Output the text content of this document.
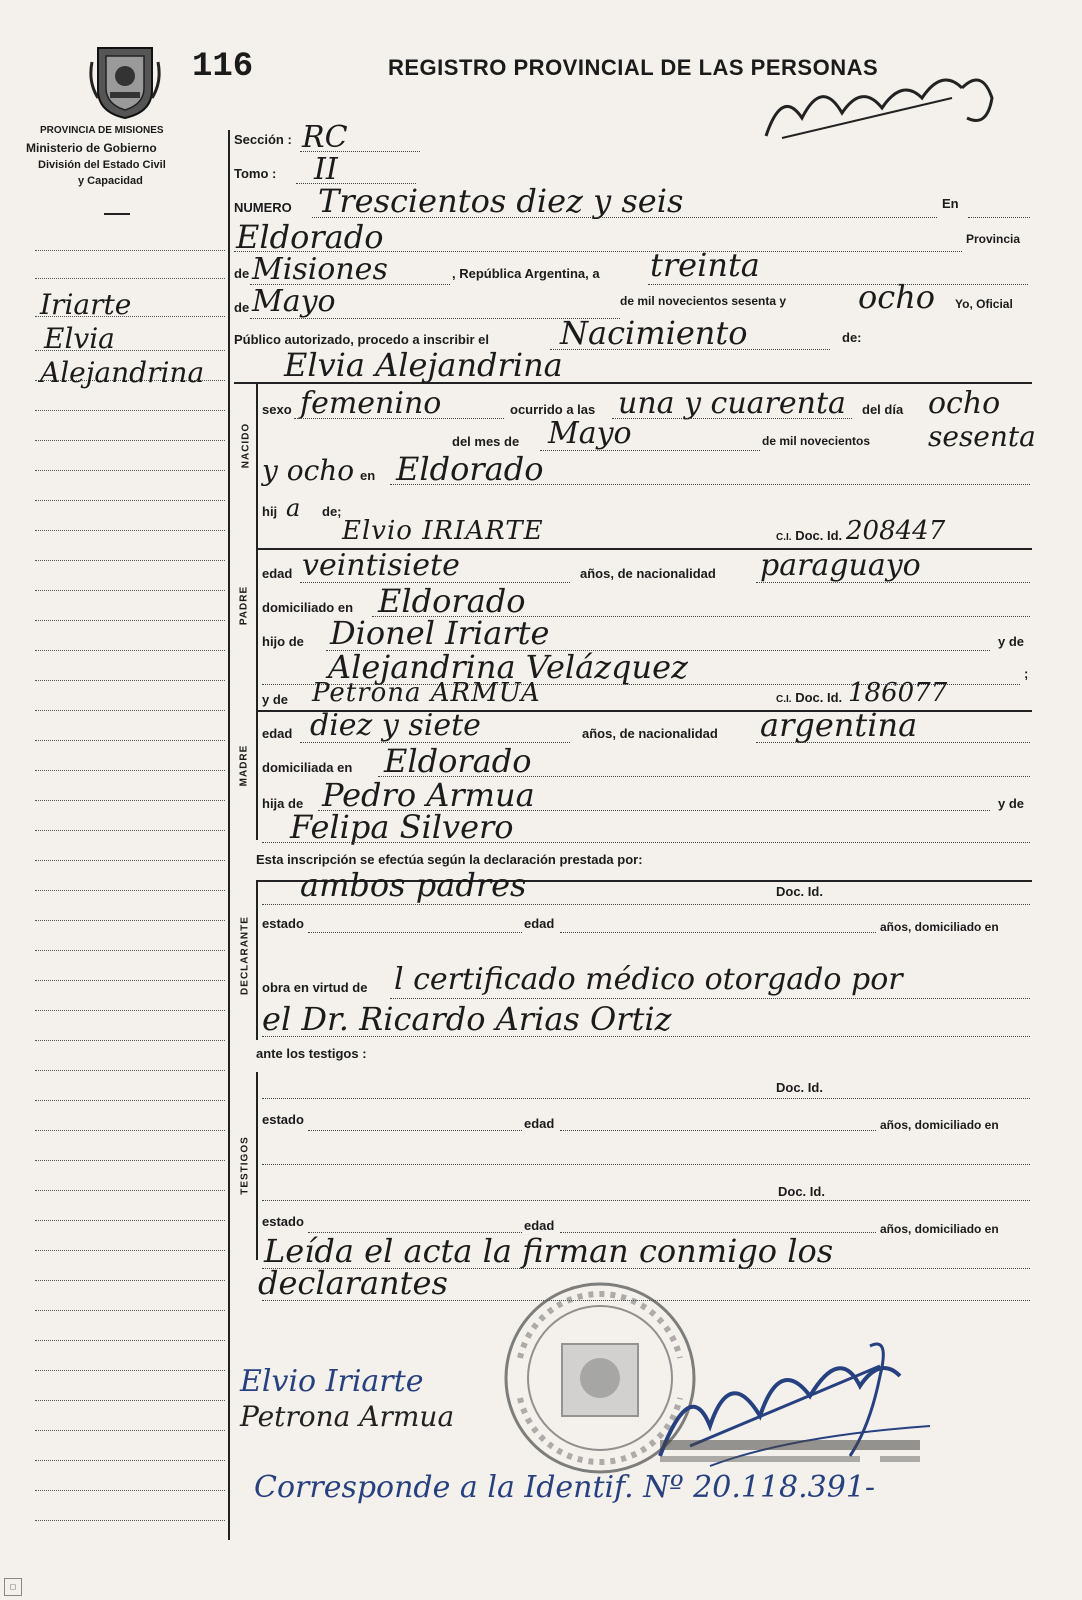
116	REGISTRO PROVINCIAL DE LAS PERSONAS
PROVINCIA DE MISIONES
Ministerio de Gobierno
División del Estado Civil
y Capacidad
Iriarte
Elvia
Alejandrina
Sección : RC
Tomo : II
NUMERO Trescientos diez y seis	En
Eldorado	Provincia
de Misiones	, República Argentina, a treinta
de Mayo	de mil novecientos sesenta y ocho Yo, Oficial
Público autorizado, procedo a inscribir el Nacimiento	de:
NACIDO
Elvia Alejandrina
sexo femenino	ocurrido a las una y cuarenta del día ocho
del mes de Mayo	de mil novecientos sesenta
y ocho en Eldorado
hij a de;
PADRE
Elvio IRIARTE	C.I. Doc. Id. 208447
edad veintisiete	años, de nacionalidad paraguayo
domiciliado en Eldorado
hijo de Dionel Iriarte	y de
Alejandrina Velázquez	;
MADRE
y de Petrona ARMUA	C.I. Doc. Id. 186077
edad diez y siete	años, de nacionalidad argentina
domiciliada en Eldorado
hija de Pedro Armua	y de
Felipa Silvero
Esta inscripción se efectúa según la declaración prestada por:
DECLARANTE
ambos padres	Doc. Id.
estado	edad	años, domiciliado en
obra en virtud de l certificado médico otorgado por
el Dr. Ricardo Arias Ortiz
ante los testigos :
TESTIGOS
Doc. Id.
estado	edad	años, domiciliado en
Doc. Id.
estado	edad	años, domiciliado en
Leída el acta la firman conmigo los
declarantes
Elvio Iriarte
Petrona Armua
Corresponde a la Identif. Nº 20.118.391-
◻
